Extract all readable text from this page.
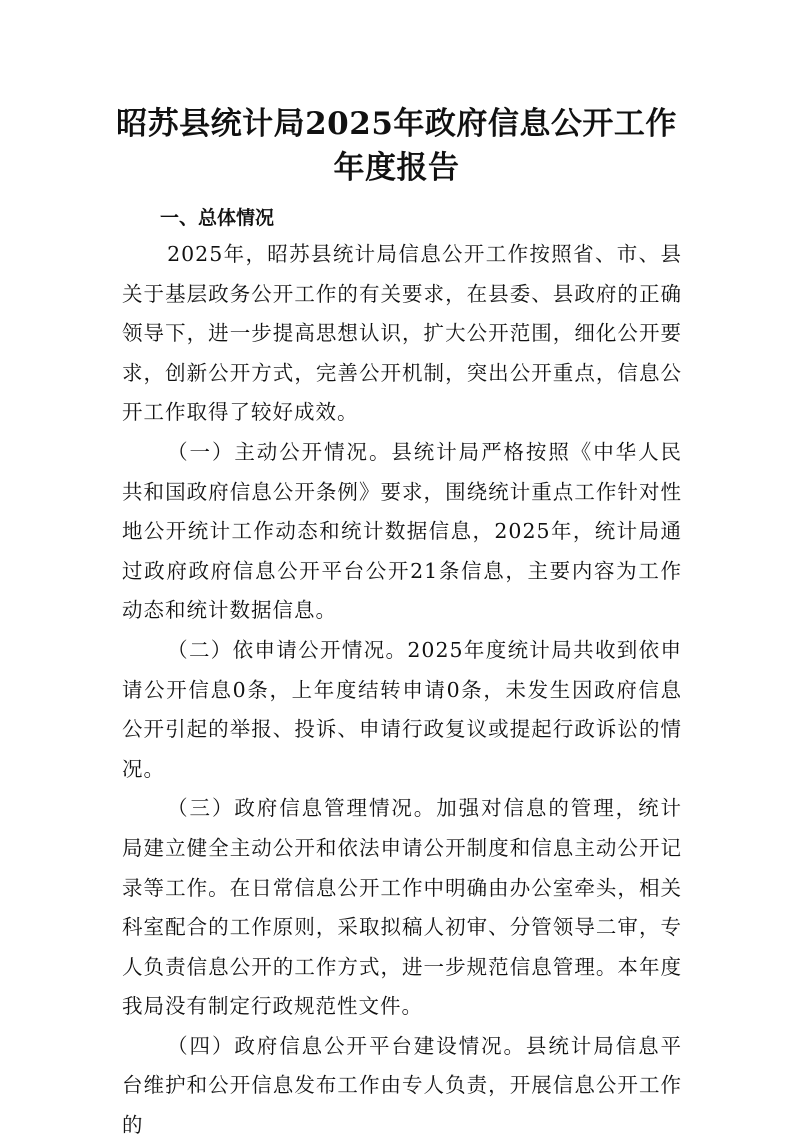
昭苏县统计局2025年政府信息公开工作
年度报告
一、总体情况

2025年，昭苏县统计局信息公开工作按照省、市、县关于基层政务公开工作的有关要求，在县委、县政府的正确领导下，进一步提高思想认识，扩大公开范围，细化公开要求，创新公开方式，完善公开机制，突出公开重点，信息公开工作取得了较好成效。

（一）主动公开情况。县统计局严格按照《中华人民共和国政府信息公开条例》要求，围绕统计重点工作针对性地公开统计工作动态和统计数据信息，2025年，统计局通过政府政府信息公开平台公开21条信息，主要内容为工作动态和统计数据信息。

（二）依申请公开情况。2025年度统计局共收到依申请公开信息0条，上年度结转申请0条，未发生因政府信息公开引起的举报、投诉、申请行政复议或提起行政诉讼的情况。

（三）政府信息管理情况。加强对信息的管理，统计局建立健全主动公开和依法申请公开制度和信息主动公开记录等工作。在日常信息公开工作中明确由办公室牵头，相关科室配合的工作原则，采取拟稿人初审、分管领导二审，专人负责信息公开的工作方式，进一步规范信息管理。本年度我局没有制定行政规范性文件。

（四）政府信息公开平台建设情况。县统计局信息平台维护和公开信息发布工作由专人负责，开展信息公开工作的
